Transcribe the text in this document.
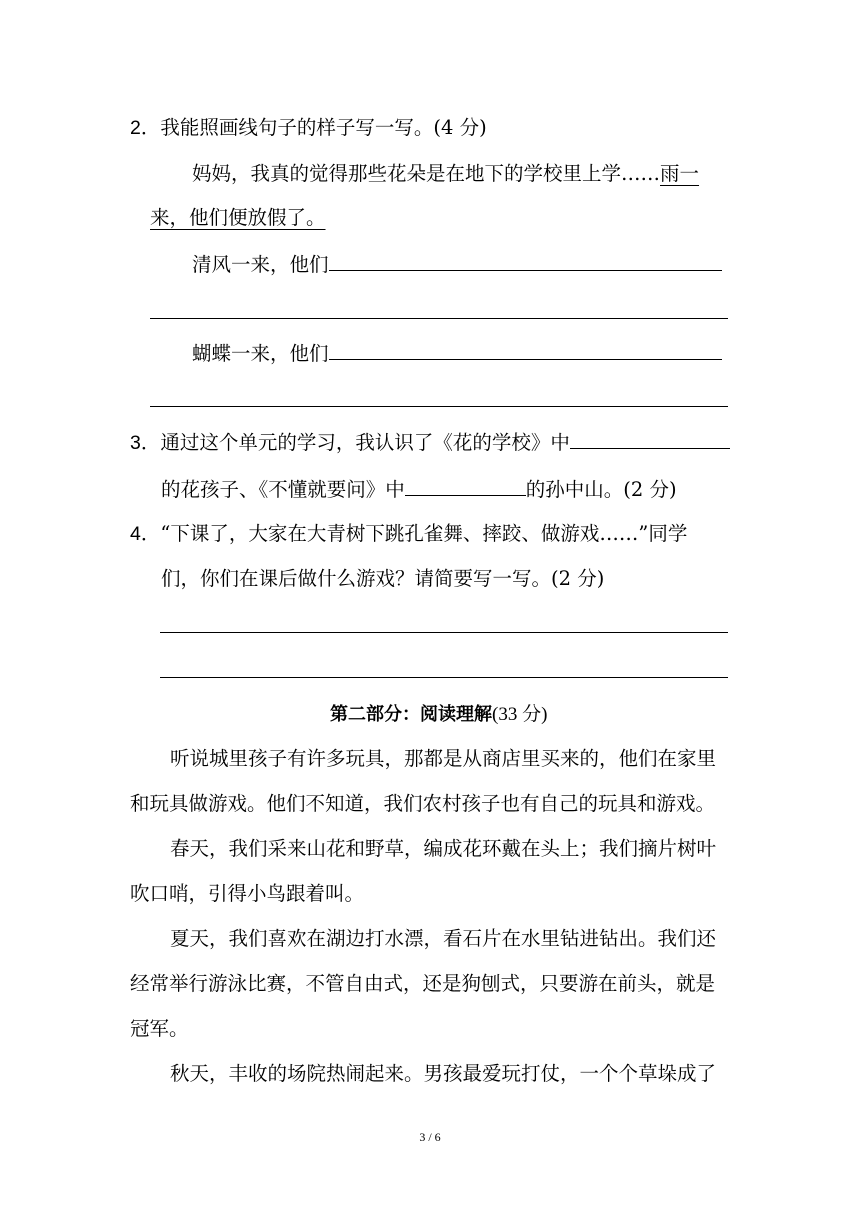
2．我能照画线句子的样子写一写。(4 分)
妈妈，我真的觉得那些花朵是在地下的学校里上学……雨一
来，他们便放假了。
清风一来，他们
蝴蝶一来，他们
3．通过这个单元的学习，我认识了《花的学校》中
的花孩子、《不懂就要问》中	的孙中山。(2 分)
4．“下课了，大家在大青树下跳孔雀舞、摔跤、做游戏……”同学
们，你们在课后做什么游戏？请简要写一写。(2 分)
第二部分：阅读理解(33 分)
听说城里孩子有许多玩具，那都是从商店里买来的，他们在家里
和玩具做游戏。他们不知道，我们农村孩子也有自己的玩具和游戏。
春天，我们采来山花和野草，编成花环戴在头上；我们摘片树叶
吹口哨，引得小鸟跟着叫。
夏天，我们喜欢在湖边打水漂，看石片在水里钻进钻出。我们还
经常举行游泳比赛，不管自由式，还是狗刨式，只要游在前头，就是
冠军。
秋天，丰收的场院热闹起来。男孩最爱玩打仗，一个个草垛成了
3 / 6
